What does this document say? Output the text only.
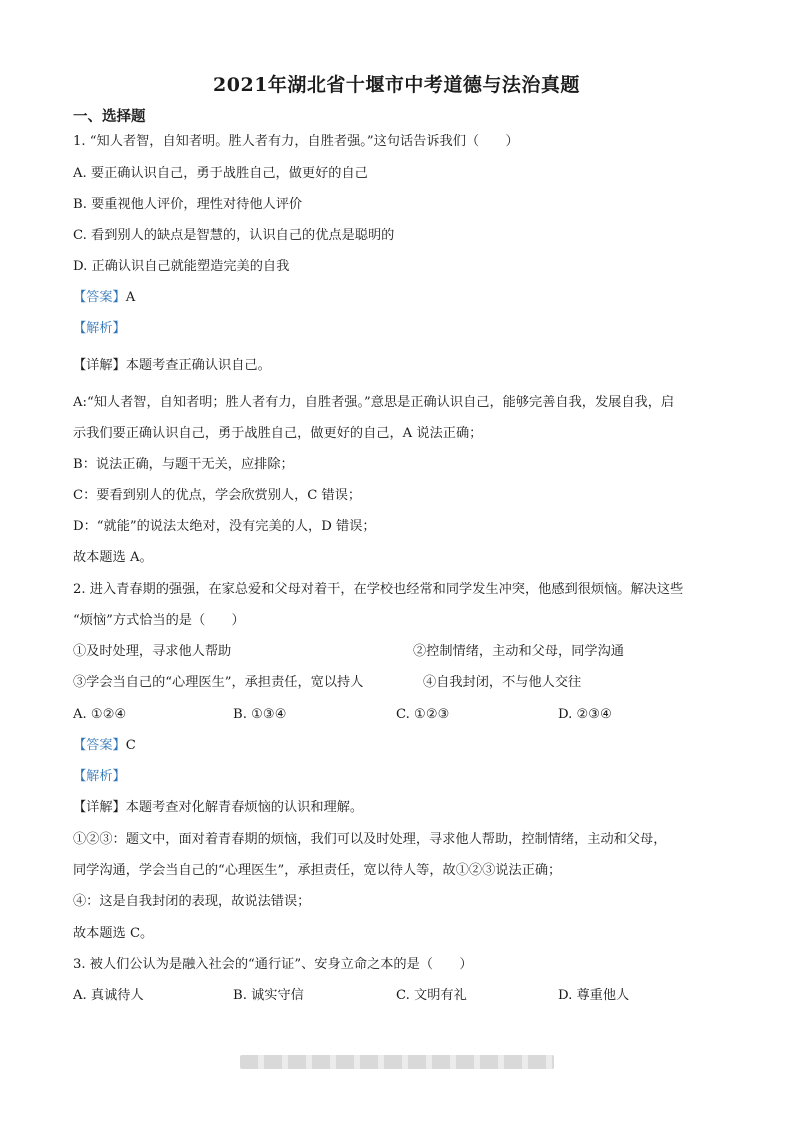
2021年湖北省十堰市中考道德与法治真题
一、选择题
1. “知人者智，自知者明。胜人者有力，自胜者强。”这句话告诉我们（　　）
A. 要正确认识自己，勇于战胜自己，做更好的自己
B. 要重视他人评价，理性对待他人评价
C. 看到别人的缺点是智慧的，认识自己的优点是聪明的
D. 正确认识自己就能塑造完美的自我
【答案】A
【解析】
【详解】本题考查正确认识自己。
A:“知人者智，自知者明；胜人者有力，自胜者强。”意思是正确认识自己，能够完善自我，发展自我，启
示我们要正确认识自己，勇于战胜自己，做更好的自己，A 说法正确；
B：说法正确，与题干无关，应排除；
C：要看到别人的优点，学会欣赏别人，C 错误；
D：“就能”的说法太绝对，没有完美的人，D 错误；
故本题选 A。
2. 进入青春期的强强，在家总爱和父母对着干，在学校也经常和同学发生冲突，他感到很烦恼。解决这些
“烦恼”方式恰当的是（　　）
①及时处理，寻求他人帮助	②控制情绪，主动和父母，同学沟通
③学会当自己的“心理医生”，承担责任，宽以持人	④自我封闭，不与他人交往
A. ①②④	B. ①③④	C. ①②③	D. ②③④
【答案】C
【解析】
【详解】本题考查对化解青春烦恼的认识和理解。
①②③：题文中，面对着青春期的烦恼，我们可以及时处理，寻求他人帮助，控制情绪，主动和父母，
同学沟通，学会当自己的“心理医生”，承担责任，宽以待人等，故①②③说法正确；
④：这是自我封闭的表现，故说法错误；
故本题选 C。
3. 被人们公认为是融入社会的“通行证”、安身立命之本的是（　　）
A. 真诚待人	B. 诚实守信	C. 文明有礼	D. 尊重他人
